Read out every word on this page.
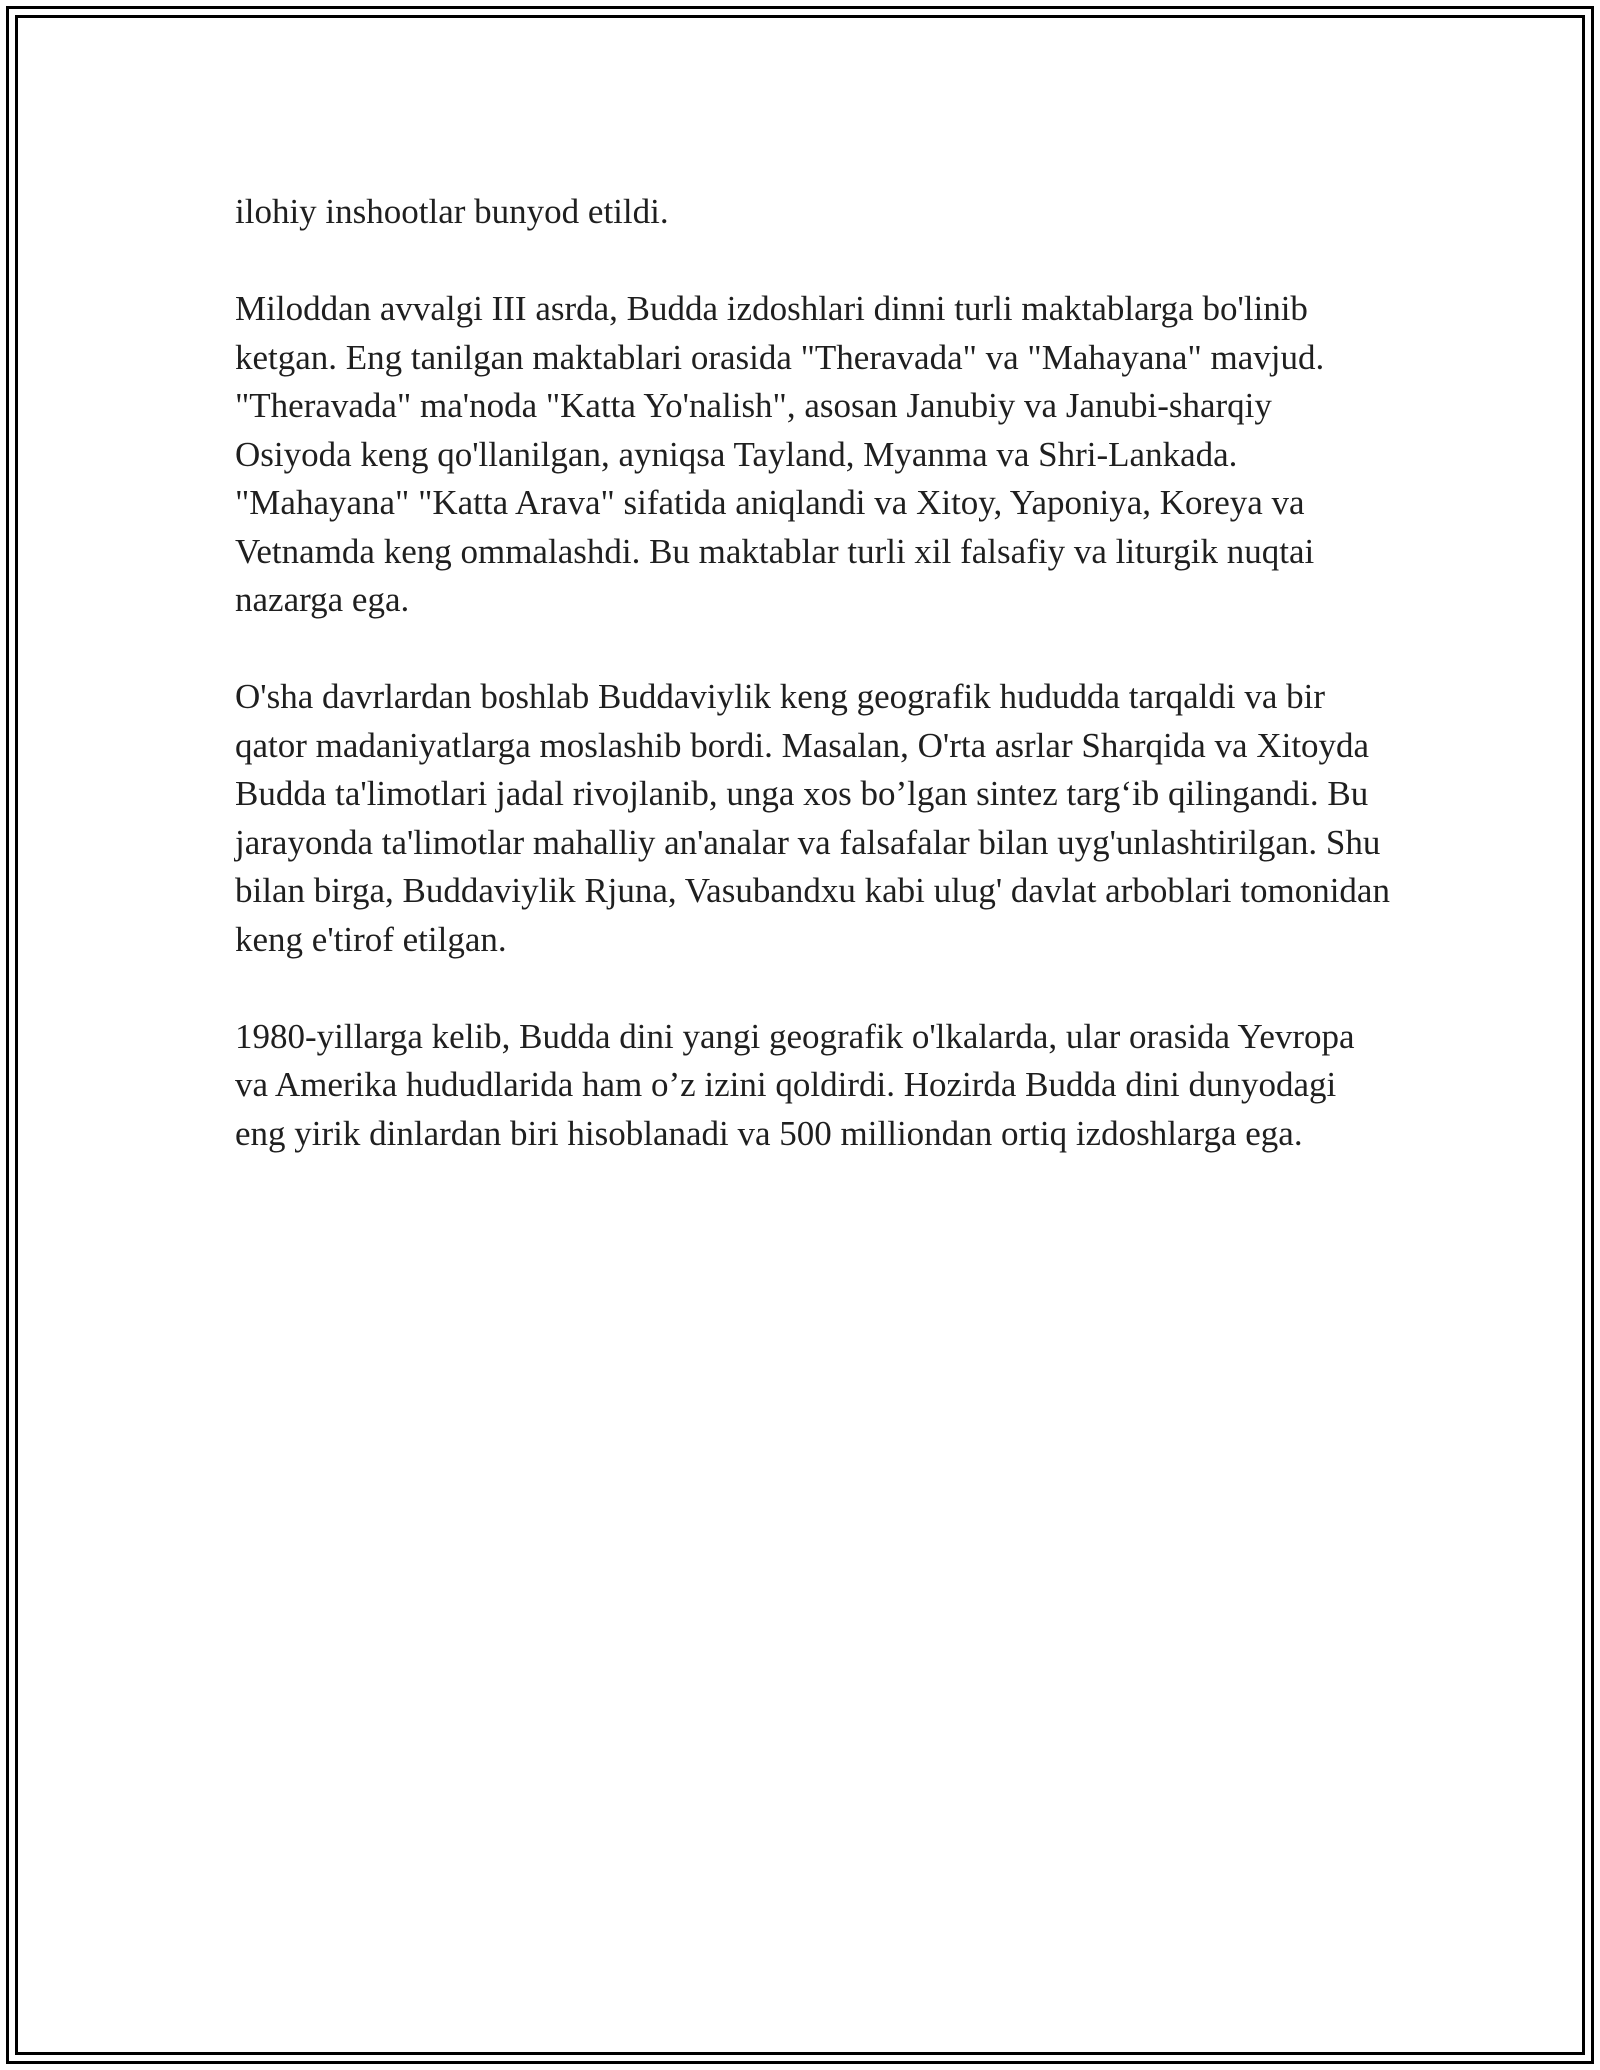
ilohiy inshootlar bunyod etildi.

Miloddan avvalgi III asrda, Budda izdoshlari dinni turli maktablarga bo'linib ketgan. Eng tanilgan maktablari orasida "Theravada" va "Mahayana" mavjud. "Theravada" ma'noda "Katta Yo'nalish", asosan Janubiy va Janubi-sharqiy Osiyoda keng qo'llanilgan, ayniqsa Tayland, Myanma va Shri-Lankada. "Mahayana" "Katta Arava" sifatida aniqlandi va Xitoy, Yaponiya, Koreya va Vetnamda keng ommalashdi. Bu maktablar turli xil falsafiy va liturgik nuqtai nazarga ega.

O'sha davrlardan boshlab Buddaviylik keng geografik hududda tarqaldi va bir qator madaniyatlarga moslashib bordi. Masalan, O'rta asrlar Sharqida va Xitoyda Budda ta'limotlari jadal rivojlanib, unga xos bo’lgan sintez targ‘ib qilingandi. Bu jarayonda ta'limotlar mahalliy an'analar va falsafalar bilan uyg'unlashtirilgan. Shu bilan birga, Buddaviylik Rjuna, Vasubandxu kabi ulug' davlat arboblari tomonidan keng e'tirof etilgan.

1980-yillarga kelib, Budda dini yangi geografik o'lkalarda, ular orasida Yevropa va Amerika hududlarida ham o’z izini qoldirdi. Hozirda Budda dini dunyodagi eng yirik dinlardan biri hisoblanadi va 500 milliondan ortiq izdoshlarga ega.
